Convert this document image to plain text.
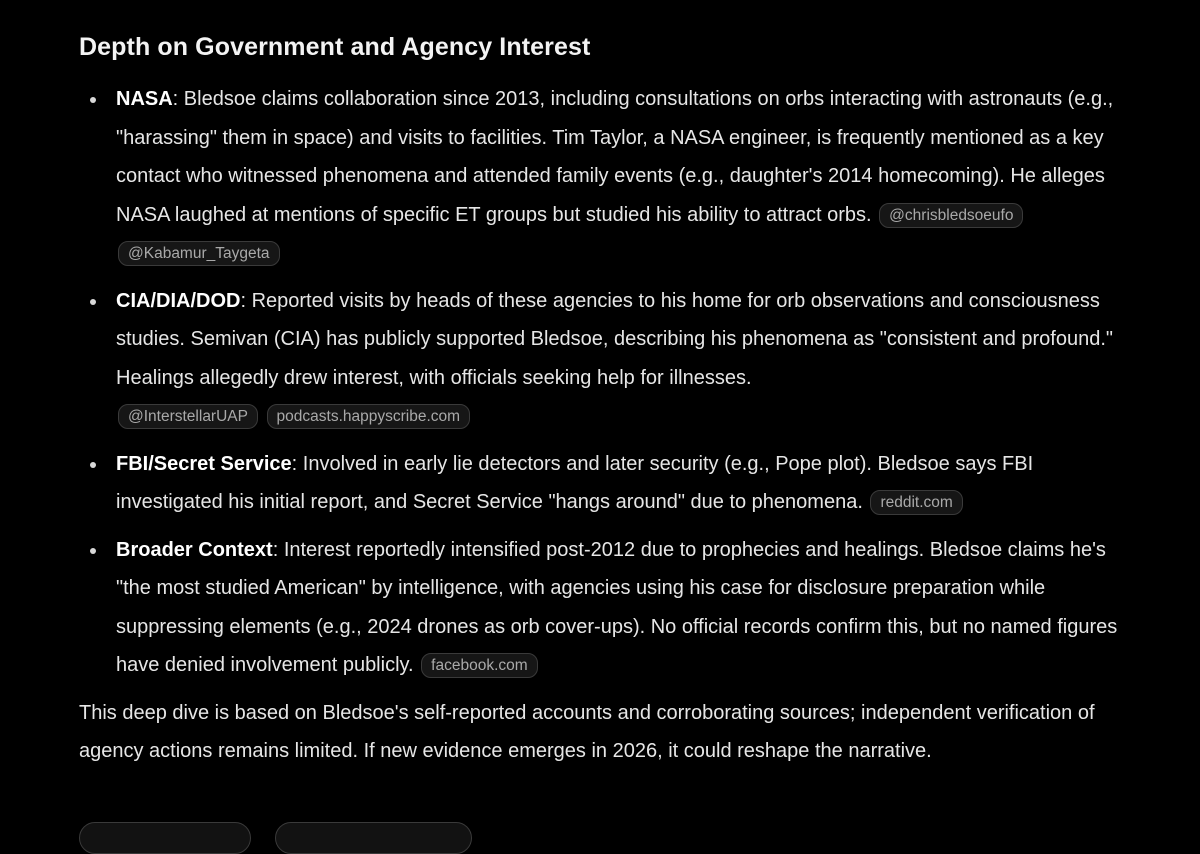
Depth on Government and Agency Interest
NASA: Bledsoe claims collaboration since 2013, including consultations on orbs interacting with astronauts (e.g., "harassing" them in space) and visits to facilities. Tim Taylor, a NASA engineer, is frequently mentioned as a key contact who witnessed phenomena and attended family events (e.g., daughter's 2014 homecoming). He alleges NASA laughed at mentions of specific ET groups but studied his ability to attract orbs. @chrisbledsoeufo @Kabamur_Taygeta
CIA/DIA/DOD: Reported visits by heads of these agencies to his home for orb observations and consciousness studies. Semivan (CIA) has publicly supported Bledsoe, describing his phenomena as "consistent and profound." Healings allegedly drew interest, with officials seeking help for illnesses.
@InterstellarUAP podcasts.happyscribe.com
FBI/Secret Service: Involved in early lie detectors and later security (e.g., Pope plot). Bledsoe says FBI investigated his initial report, and Secret Service "hangs around" due to phenomena. reddit.com
Broader Context: Interest reportedly intensified post-2012 due to prophecies and healings. Bledsoe claims he's "the most studied American" by intelligence, with agencies using his case for disclosure preparation while suppressing elements (e.g., 2024 drones as orb cover-ups). No official records confirm this, but no named figures have denied involvement publicly. facebook.com

This deep dive is based on Bledsoe's self-reported accounts and corroborating sources; independent verification of agency actions remains limited. If new evidence emerges in 2026, it could reshape the narrative.
